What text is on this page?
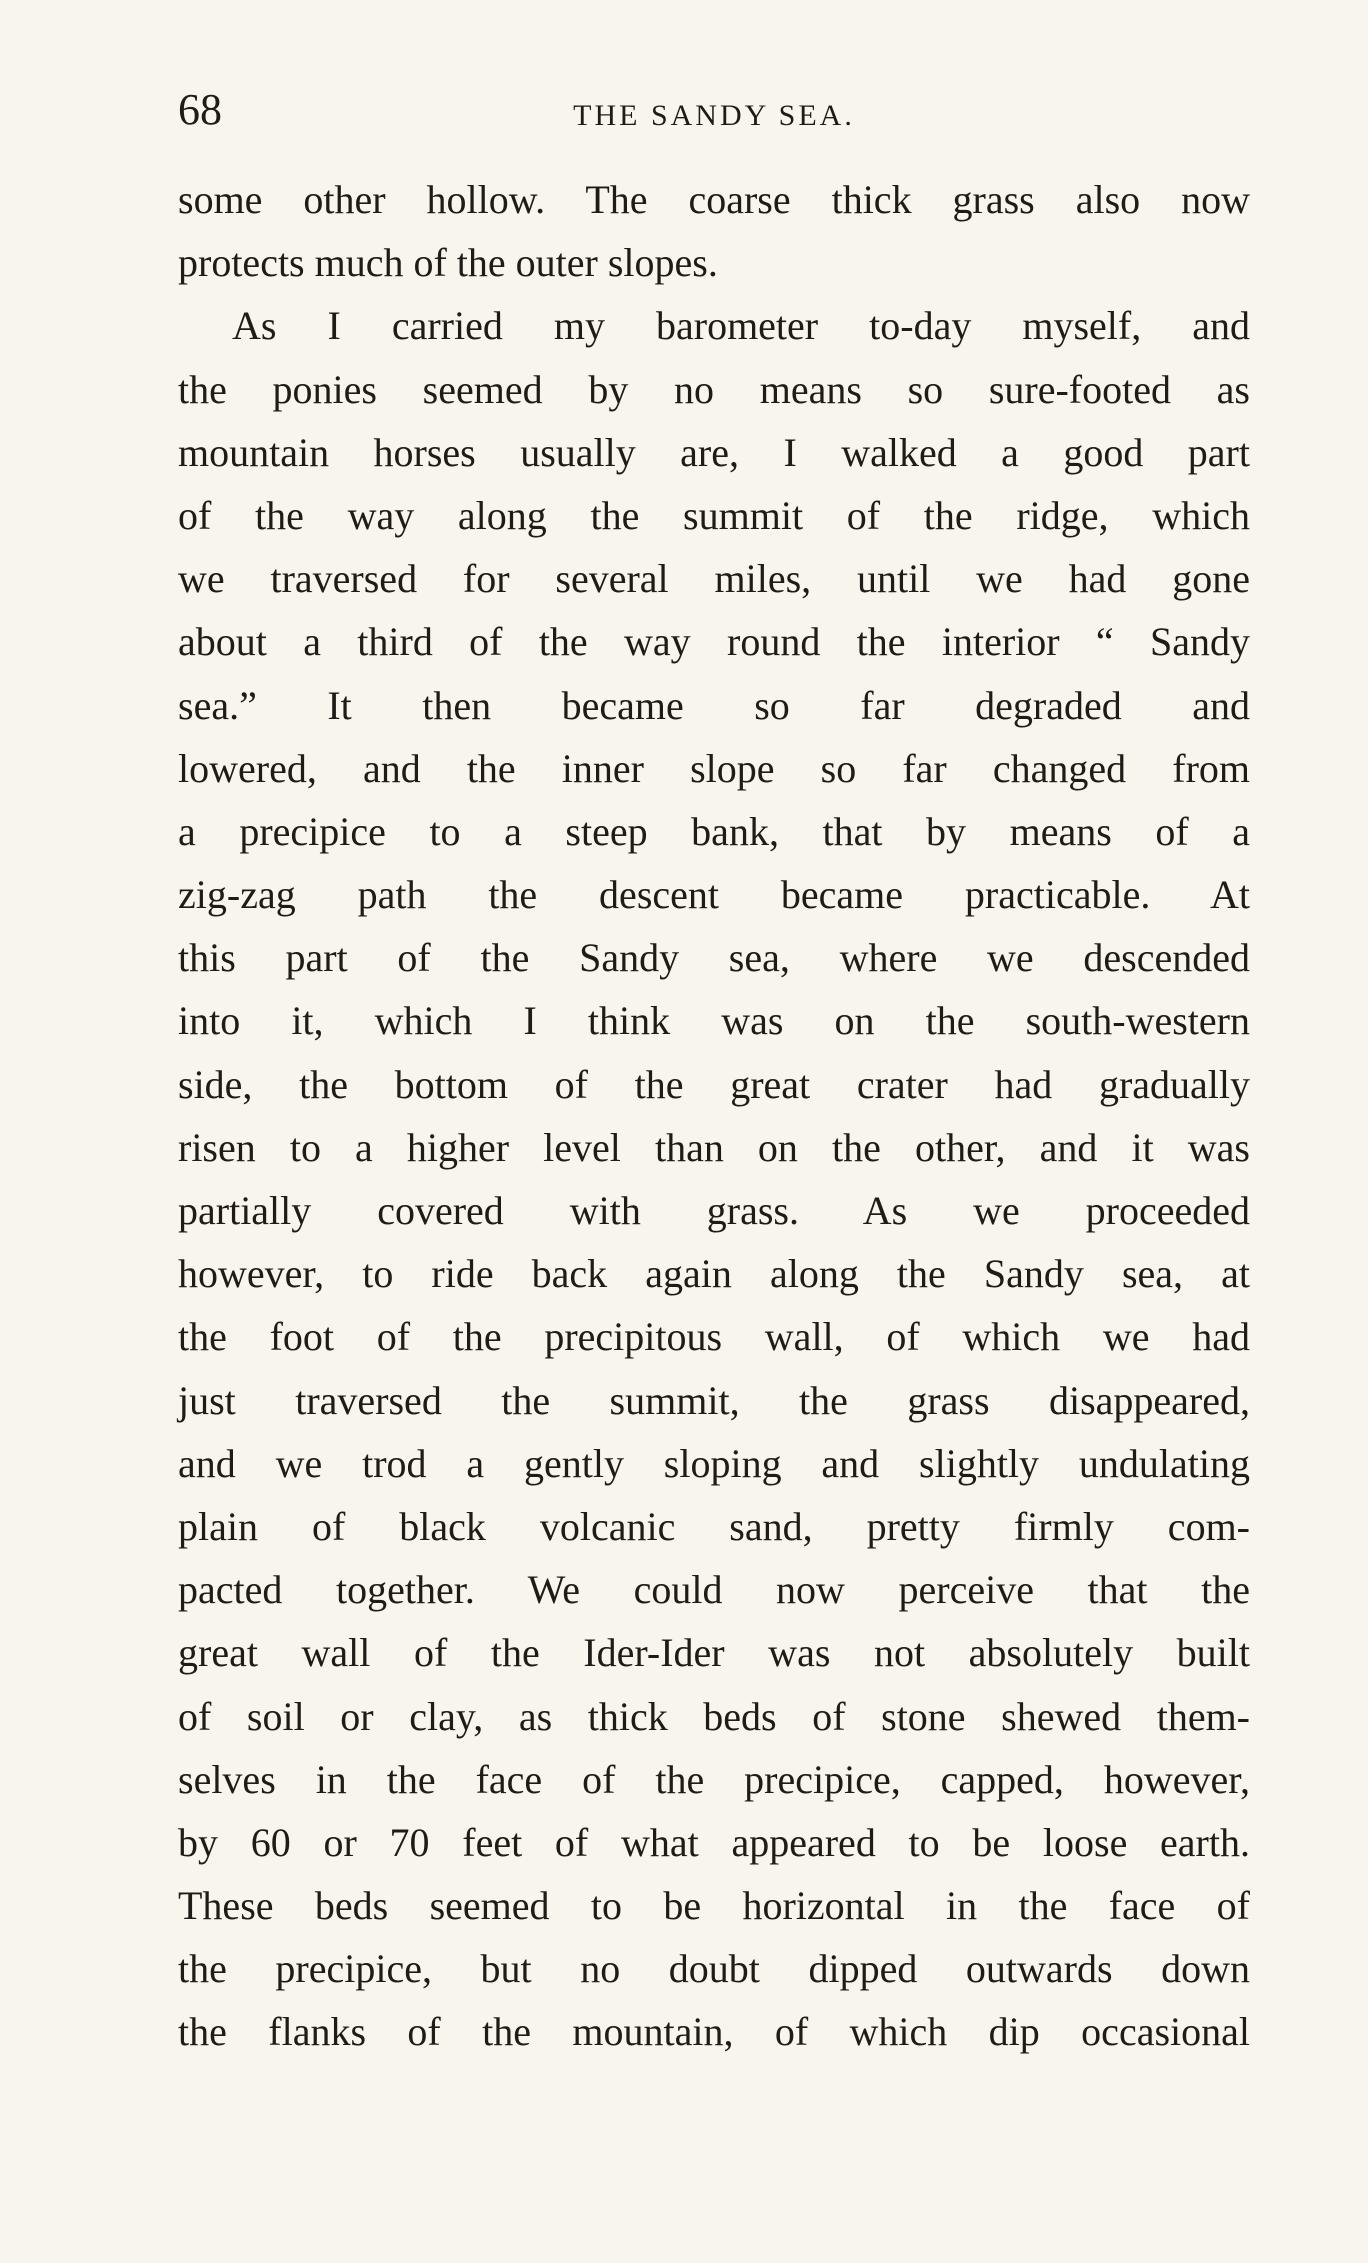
68	THE SANDY SEA.
some other hollow. The coarse thick grass also now
protects much of the outer slopes.
As I carried my barometer to-day myself, and
the ponies seemed by no means so sure-footed as
mountain horses usually are, I walked a good part
of the way along the summit of the ridge, which
we traversed for several miles, until we had gone
about a third of the way round the interior “ Sandy
sea.” It then became so far degraded and
lowered, and the inner slope so far changed from
a precipice to a steep bank, that by means of a
zig-zag path the descent became practicable. At
this part of the Sandy sea, where we descended
into it, which I think was on the south-western
side, the bottom of the great crater had gradually
risen to a higher level than on the other, and it was
partially covered with grass. As we proceeded
however, to ride back again along the Sandy sea, at
the foot of the precipitous wall, of which we had
just traversed the summit, the grass disappeared,
and we trod a gently sloping and slightly undulating
plain of black volcanic sand, pretty firmly com-
pacted together. We could now perceive that the
great wall of the Ider-Ider was not absolutely built
of soil or clay, as thick beds of stone shewed them-
selves in the face of the precipice, capped, however,
by 60 or 70 feet of what appeared to be loose earth.
These beds seemed to be horizontal in the face of
the precipice, but no doubt dipped outwards down
the flanks of the mountain, of which dip occasional
